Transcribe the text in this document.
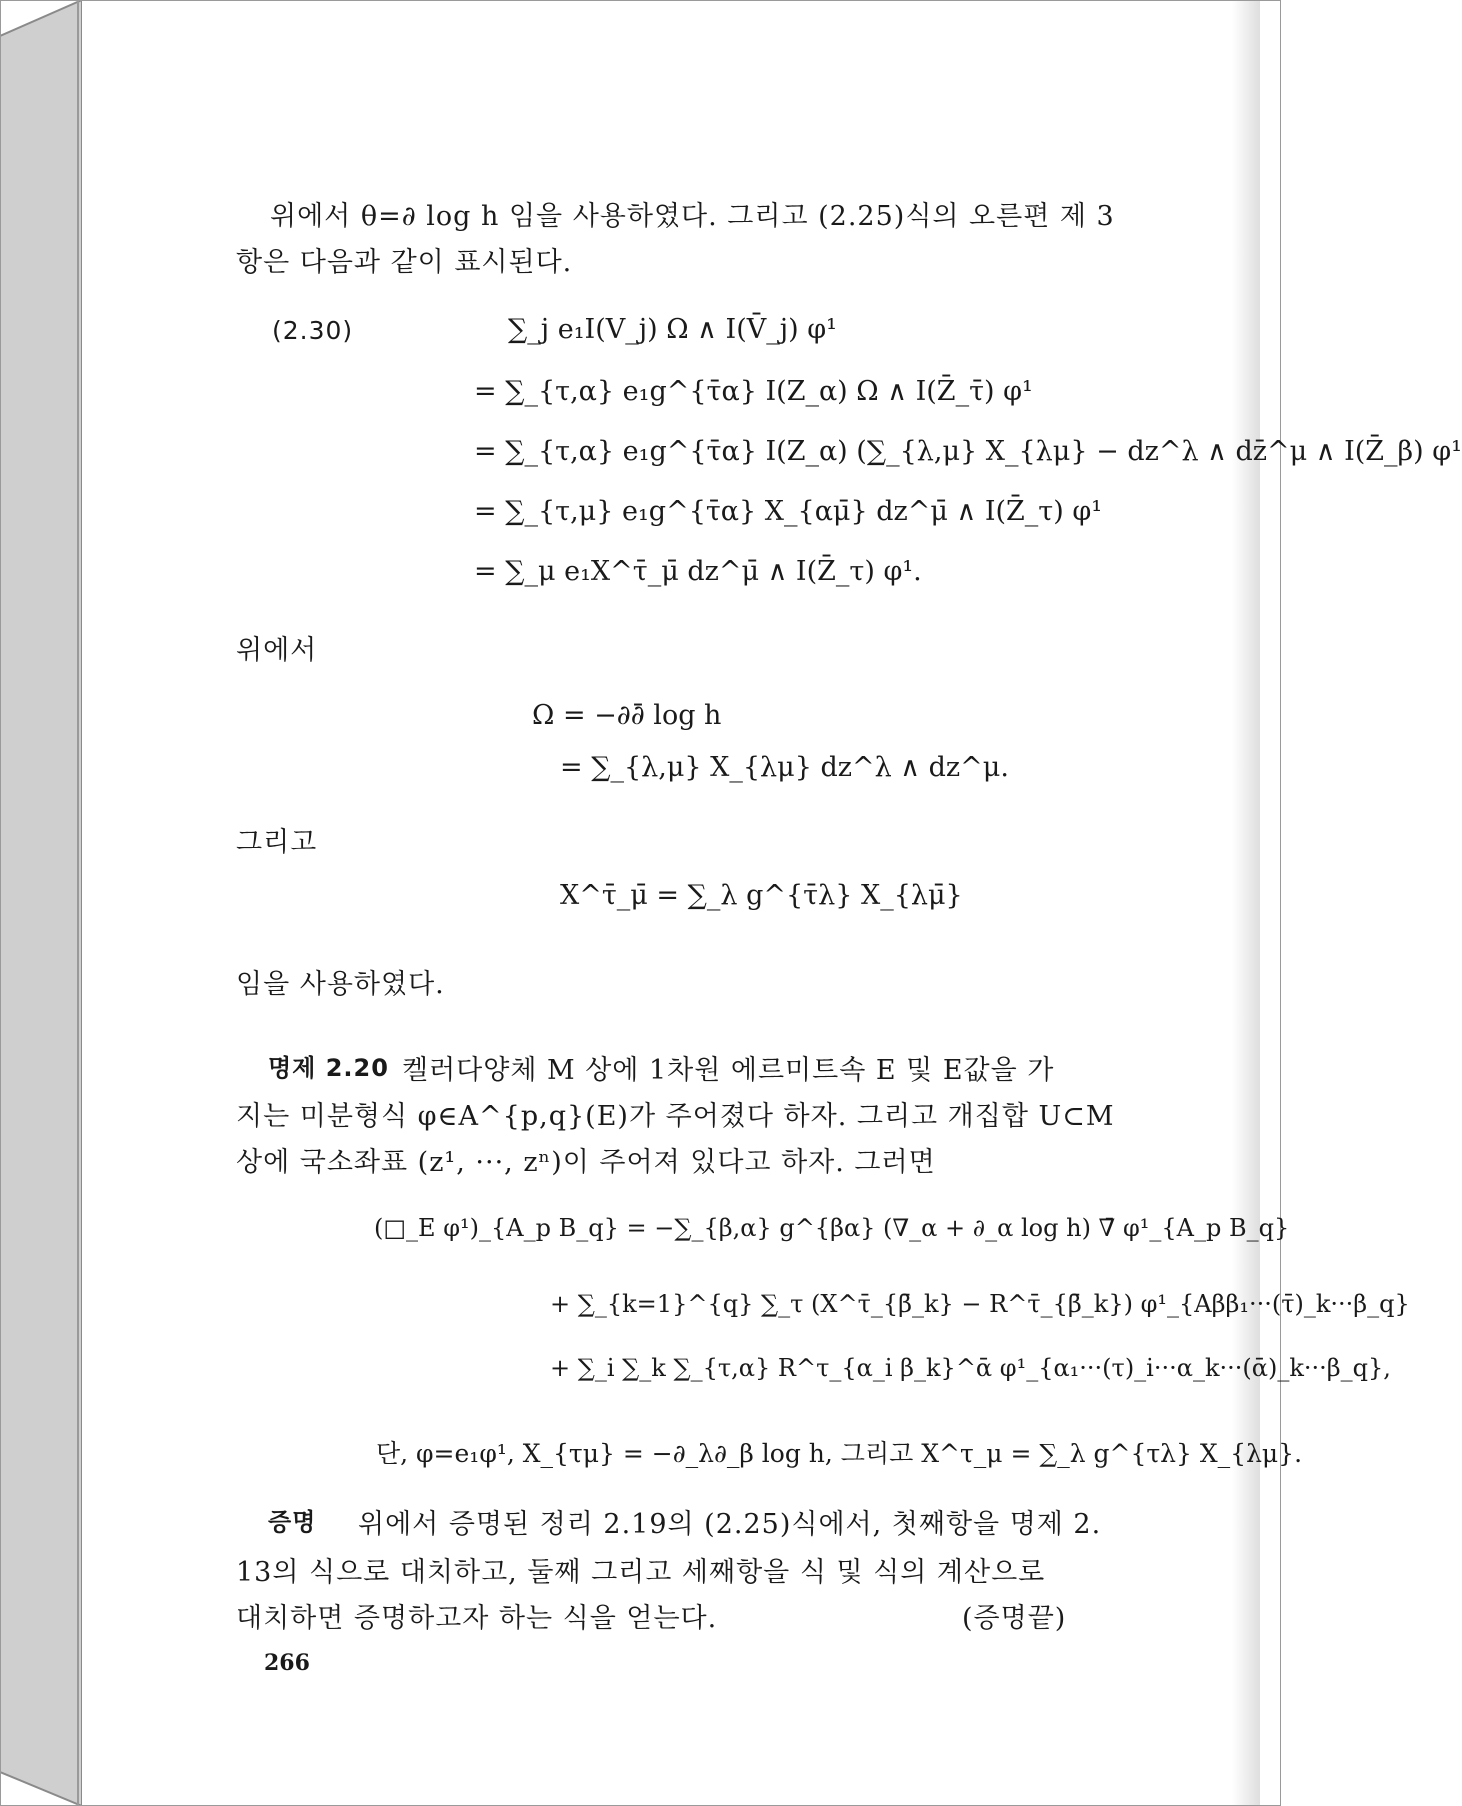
위에서 θ=∂ log h 임을 사용하였다. 그리고 (2.25)식의 오른편 제 3
항은 다음과 같이 표시된다.
(2.30)	∑_j e₁I(V_j) Ω ∧ I(V̄_j) φ¹
= ∑_{τ,α} e₁g^{τ̄α} I(Z_α) Ω ∧ I(Z̄_τ̄) φ¹
= ∑_{τ,α} e₁g^{τ̄α} I(Z_α) (∑_{λ,μ} X_{λμ} − dz^λ ∧ dz̄^μ ∧ I(Z̄_β) φ¹
= ∑_{τ,μ} e₁g^{τ̄α} X_{αμ̄} dz^μ̄ ∧ I(Z̄_τ) φ¹
= ∑_μ e₁X^τ̄_μ̄ dz^μ̄ ∧ I(Z̄_τ) φ¹.
위에서
Ω = −∂∂̄ log h
= ∑_{λ,μ} X_{λμ} dz^λ ∧ dz^μ.
그리고
X^τ̄_μ̄ = ∑_λ g^{τ̄λ} X_{λμ̄}
임을 사용하였다.
명제 2.20 켈러다양체 M 상에 1차원 에르미트속 E 및 E값을 가
지는 미분형식 φ∈A^{p,q}(E)가 주어졌다 하자. 그리고 개집합 U⊂M
상에 국소좌표 (z¹, ···, zⁿ)이 주어져 있다고 하자. 그러면
(□_E φ¹)_{A_p B_q} = −∑_{β,α} g^{βα} (∇_α + ∂_α log h) ∇̄ φ¹_{A_p B_q}
+ ∑_{k=1}^{q} ∑_τ (X^τ̄_{β̄_k} − R^τ̄_{β̄_k}) φ¹_{Aββ₁···(τ̄)_k···β_q}
+ ∑_i ∑_k ∑_{τ,α} R^τ_{α_i β_k}^ᾱ φ¹_{α₁···(τ)_i···α_k···(ᾱ)_k···β_q},
단, φ=e₁φ¹, X_{τμ} = −∂_λ∂_β log h, 그리고 X^τ_μ = ∑_λ g^{τλ} X_{λμ}.
증명 위에서 증명된 정리 2.19의 (2.25)식에서, 첫째항을 명제 2.
13의 식으로 대치하고, 둘째 그리고 세째항을 식 및 식의 계산으로
대치하면 증명하고자 하는 식을 얻는다.	(증명끝)
266
